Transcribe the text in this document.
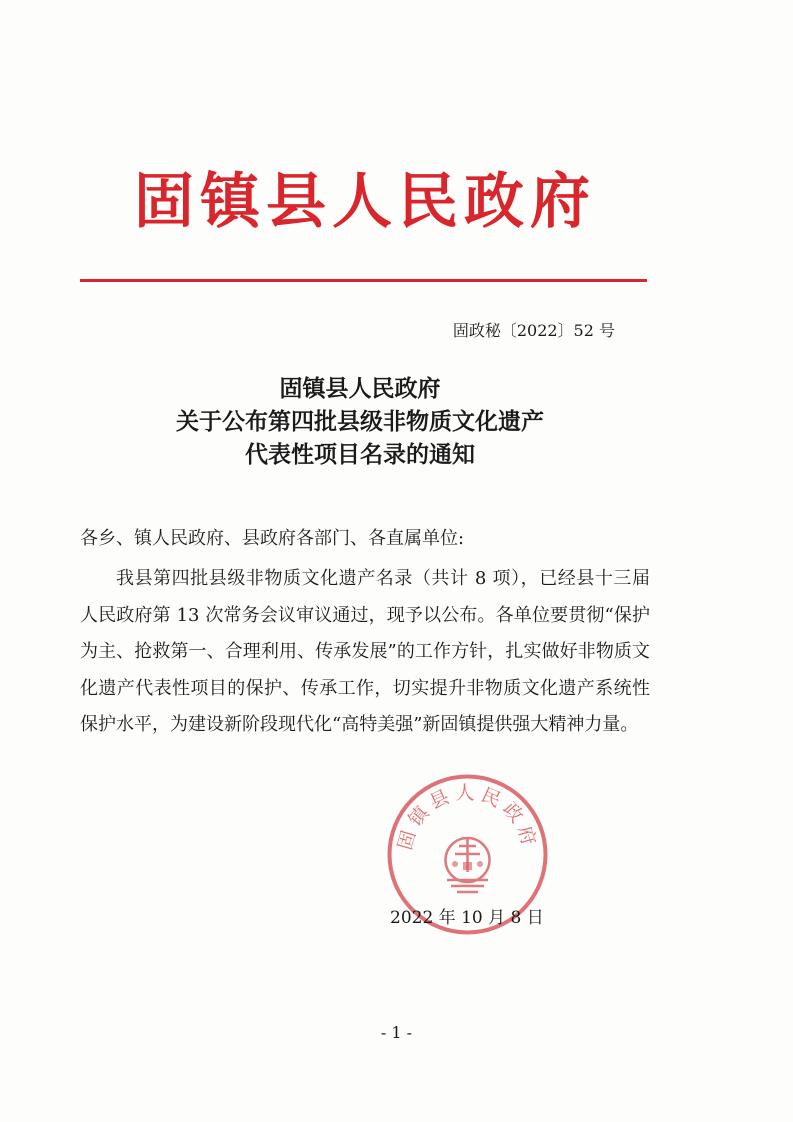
固镇县人民政府
固政秘〔2022〕52 号
固镇县人民政府
关于公布第四批县级非物质文化遗产
代表性项目名录的通知
各乡、镇人民政府、县政府各部门、各直属单位:

我县第四批县级非物质文化遗产名录（共计 8 项），已经县十三届人民政府第 13 次常务会议审议通过，现予以公布。各单位要贯彻“保护为主、抢救第一、合理利用、传承发展”的工作方针，扎实做好非物质文化遗产代表性项目的保护、传承工作，切实提升非物质文化遗产系统性保护水平，为建设新阶段现代化“高特美强”新固镇提供强大精神力量。

固镇县人民政府
2022 年 10 月 8 日
- 1 -
